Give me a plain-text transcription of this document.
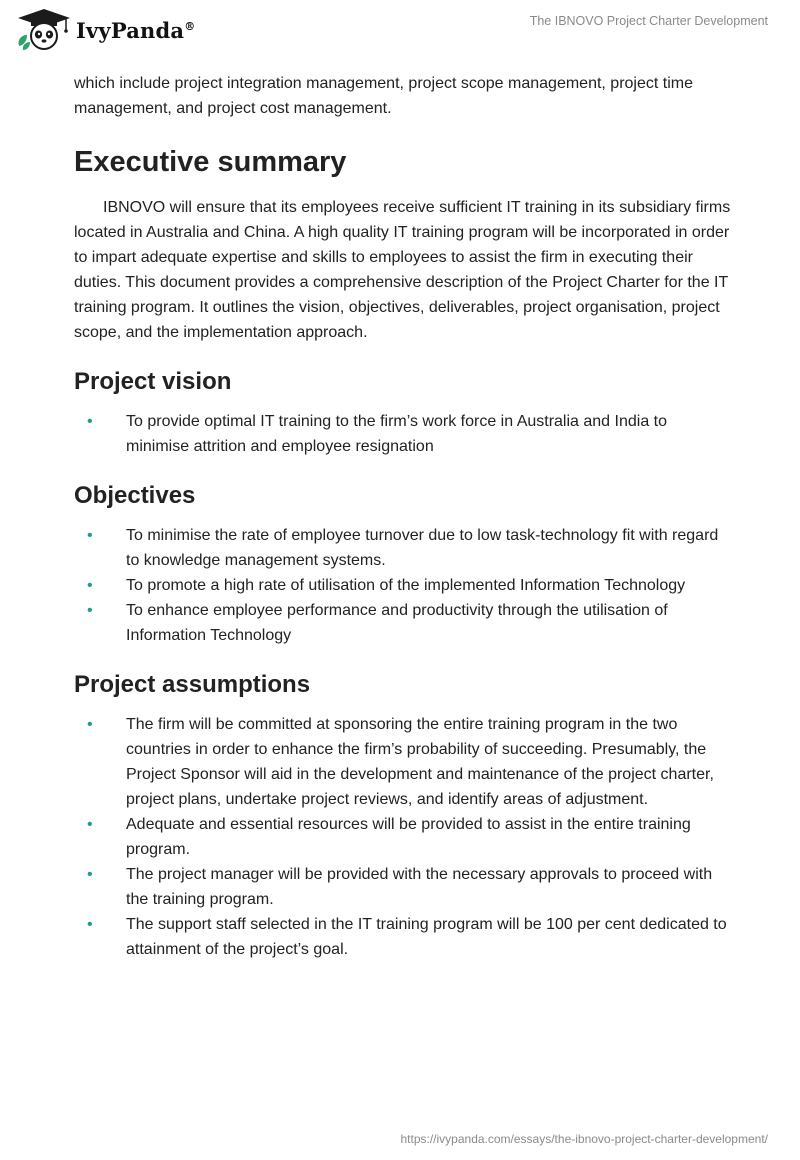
IvyPanda®	The IBNOVO Project Charter Development

which include project integration management, project scope management, project time management, and project cost management.

Executive summary

IBNOVO will ensure that its employees receive sufficient IT training in its subsidiary firms located in Australia and China. A high quality IT training program will be incorporated in order to impart adequate expertise and skills to employees to assist the firm in executing their duties. This document provides a comprehensive description of the Project Charter for the IT training program. It outlines the vision, objectives, deliverables, project organisation, project scope, and the implementation approach.

Project vision
• To provide optimal IT training to the firm’s work force in Australia and India to minimise attrition and employee resignation
Objectives
• To minimise the rate of employee turnover due to low task-technology fit with regard to knowledge management systems.
• To promote a high rate of utilisation of the implemented Information Technology
• To enhance employee performance and productivity through the utilisation of Information Technology
Project assumptions
• The firm will be committed at sponsoring the entire training program in the two countries in order to enhance the firm’s probability of succeeding. Presumably, the Project Sponsor will aid in the development and maintenance of the project charter, project plans, undertake project reviews, and identify areas of adjustment.
• Adequate and essential resources will be provided to assist in the entire training program.
• The project manager will be provided with the necessary approvals to proceed with the training program.
• The support staff selected in the IT training program will be 100 per cent dedicated to attainment of the project’s goal.
https://ivypanda.com/essays/the-ibnovo-project-charter-development/
